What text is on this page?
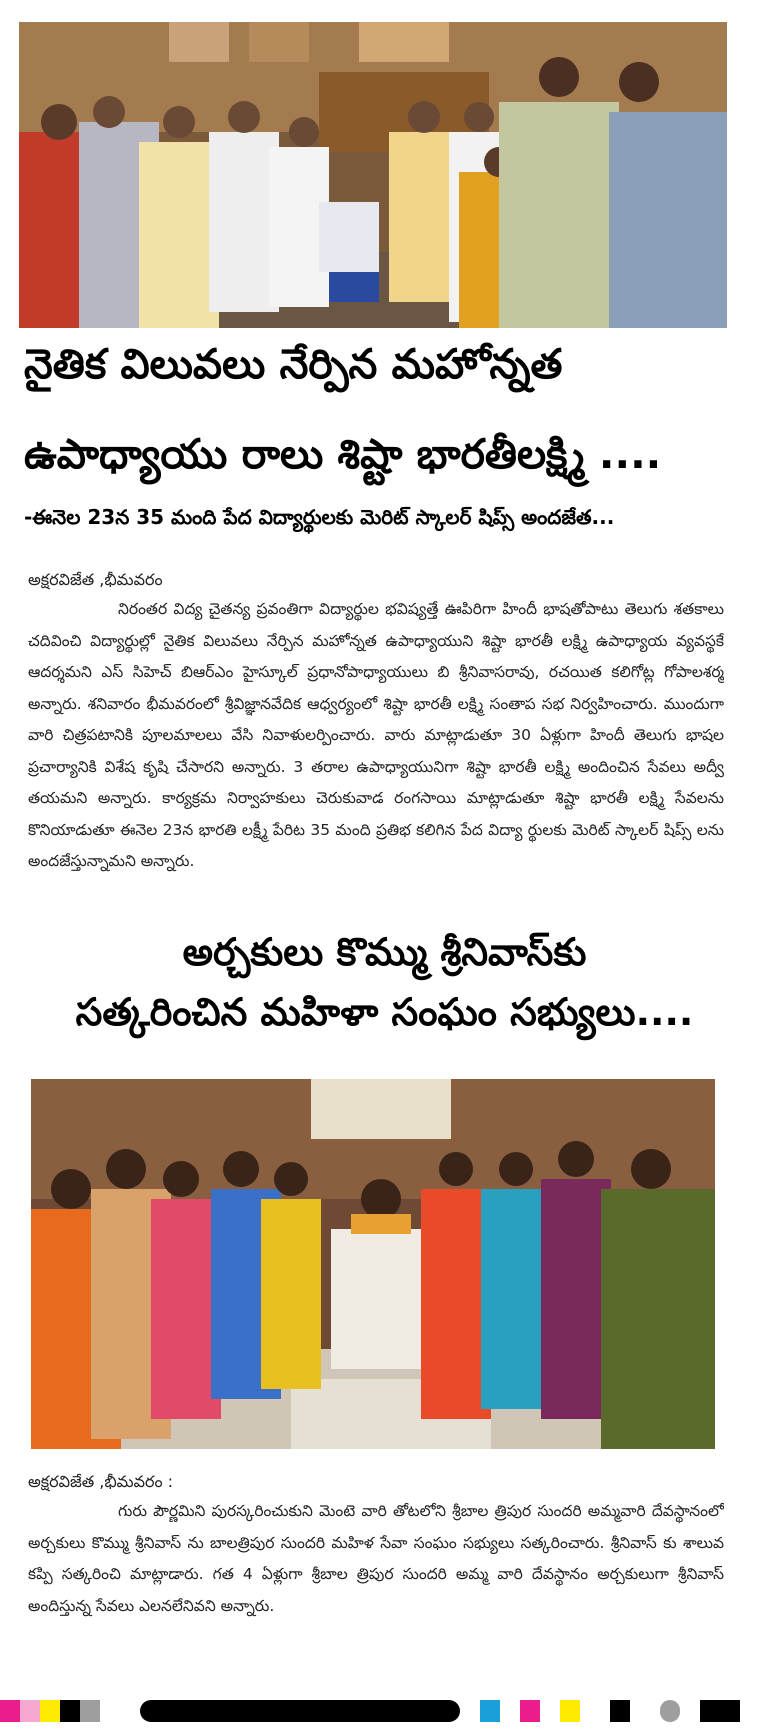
నైతిక విలువలు నేర్పిన మహోన్నత
ఉపాధ్యాయు రాలు శిష్టా భారతీలక్ష్మి ....
-ఈనెల 23న 35 మంది పేద విద్యార్థులకు మెరిట్ స్కాలర్ షిప్స్ అందజేత...
అక్షరవిజేత ,భీమవరం
నిరంతర విద్య చైతన్య ప్రవంతిగా విద్యార్థుల భవిష్యత్తే ఊపిరిగా హిందీ భాషతోపాటు తెలుగు శతకాలు చదివించి విద్యార్థుల్లో నైతిక విలువలు నేర్పిన మహోన్నత ఉపాధ్యాయుని శిష్టా భారతీ లక్ష్మి ఉపాధ్యాయ వ్యవస్థకే ఆదర్శమని ఎస్ సిహెచ్ బిఆర్ఎం హైస్కూల్ ప్రధానోపాధ్యాయులు బి శ్రీనివాసరావు, రచయిత కలిగోట్ల గోపాలశర్మ అన్నారు. శనివారం భీమవరంలో శ్రీవిజ్ఞానవేదిక ఆధ్వర్యంలో శిష్టా భారతీ లక్ష్మి సంతాప సభ నిర్వహించారు. ముందుగా వారి చిత్రపటానికి పూలమాలలు వేసి నివాళులర్పించారు. వారు మాట్లాడుతూ 30 ఏళ్లుగా హిందీ తెలుగు భాషల ప్రచార్యానికి విశేష కృషి చేసారని అన్నారు. 3 తరాల ఉపాధ్యాయునిగా శిష్టా భారతీ లక్ష్మి అందించిన సేవలు అద్వీ తయమని అన్నారు. కార్యక్రమ నిర్వాహకులు చెరుకువాడ రంగసాయి మాట్లాడుతూ శిష్టా భారతీ లక్ష్మి సేవలను కొనియాడుతూ ఈనెల 23న భారతి లక్ష్మీ పేరిట 35 మంది ప్రతిభ కలిగిన పేద విద్యా ర్థులకు మెరిట్ స్కాలర్ షిప్స్ లను అందజేస్తున్నామని అన్నారు.
అర్చకులు కొమ్ము శ్రీనివాస్‌కు
సత్కరించిన మహిళా సంఘం సభ్యులు....
అక్షరవిజేత ,భీమవరం :
గురు పౌర్ణమిని పురస్కరించుకుని మెంటె వారి తోటలోని శ్రీబాల త్రిపుర సుందరి అమ్మవారి దేవస్థానంలో అర్చకులు కొమ్ము శ్రీనివాస్ ను బాలత్రిపుర సుందరి మహిళ సేవా సంఘం సభ్యులు సత్కరించారు. శ్రీనివాస్ కు శాలువ కప్పి సత్కరించి మాట్లాడారు. గత 4 ఏళ్లుగా శ్రీబాల త్రిపుర సుందరి అమ్మ వారి దేవస్థానం అర్చకులుగా శ్రీనివాస్ అందిస్తున్న సేవలు ఎలనలేనివని అన్నారు.
